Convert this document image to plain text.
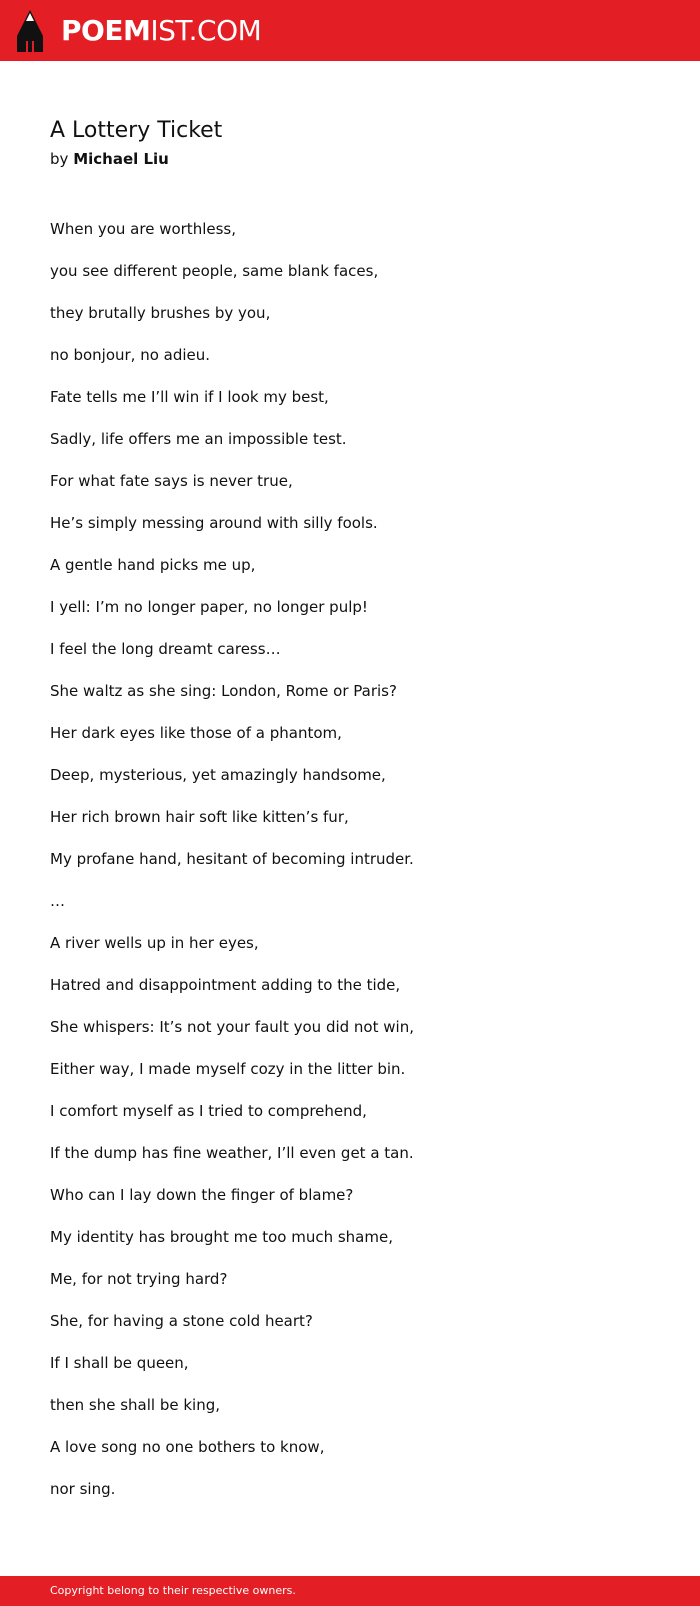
POEMIST.COM
A Lottery Ticket
by Michael Liu
When you are worthless,
you see different people, same blank faces,
they brutally brushes by you,
no bonjour, no adieu.
Fate tells me I’ll win if I look my best,
Sadly, life offers me an impossible test.
For what fate says is never true,
He’s simply messing around with silly fools.
A gentle hand picks me up,
I yell: I’m no longer paper, no longer pulp!
I feel the long dreamt caress…
She waltz as she sing: London, Rome or Paris?
Her dark eyes like those of a phantom,
Deep, mysterious, yet amazingly handsome,
Her rich brown hair soft like kitten’s fur,
My profane hand, hesitant of becoming intruder.
…
A river wells up in her eyes,
Hatred and disappointment adding to the tide,
She whispers: It’s not your fault you did not win,
Either way, I made myself cozy in the litter bin.
I comfort myself as I tried to comprehend,
If the dump has fine weather, I’ll even get a tan.
Who can I lay down the finger of blame?
My identity has brought me too much shame,
Me, for not trying hard?
She, for having a stone cold heart?
If I shall be queen,
then she shall be king,
A love song no one bothers to know,
nor sing.
Copyright belong to their respective owners.
